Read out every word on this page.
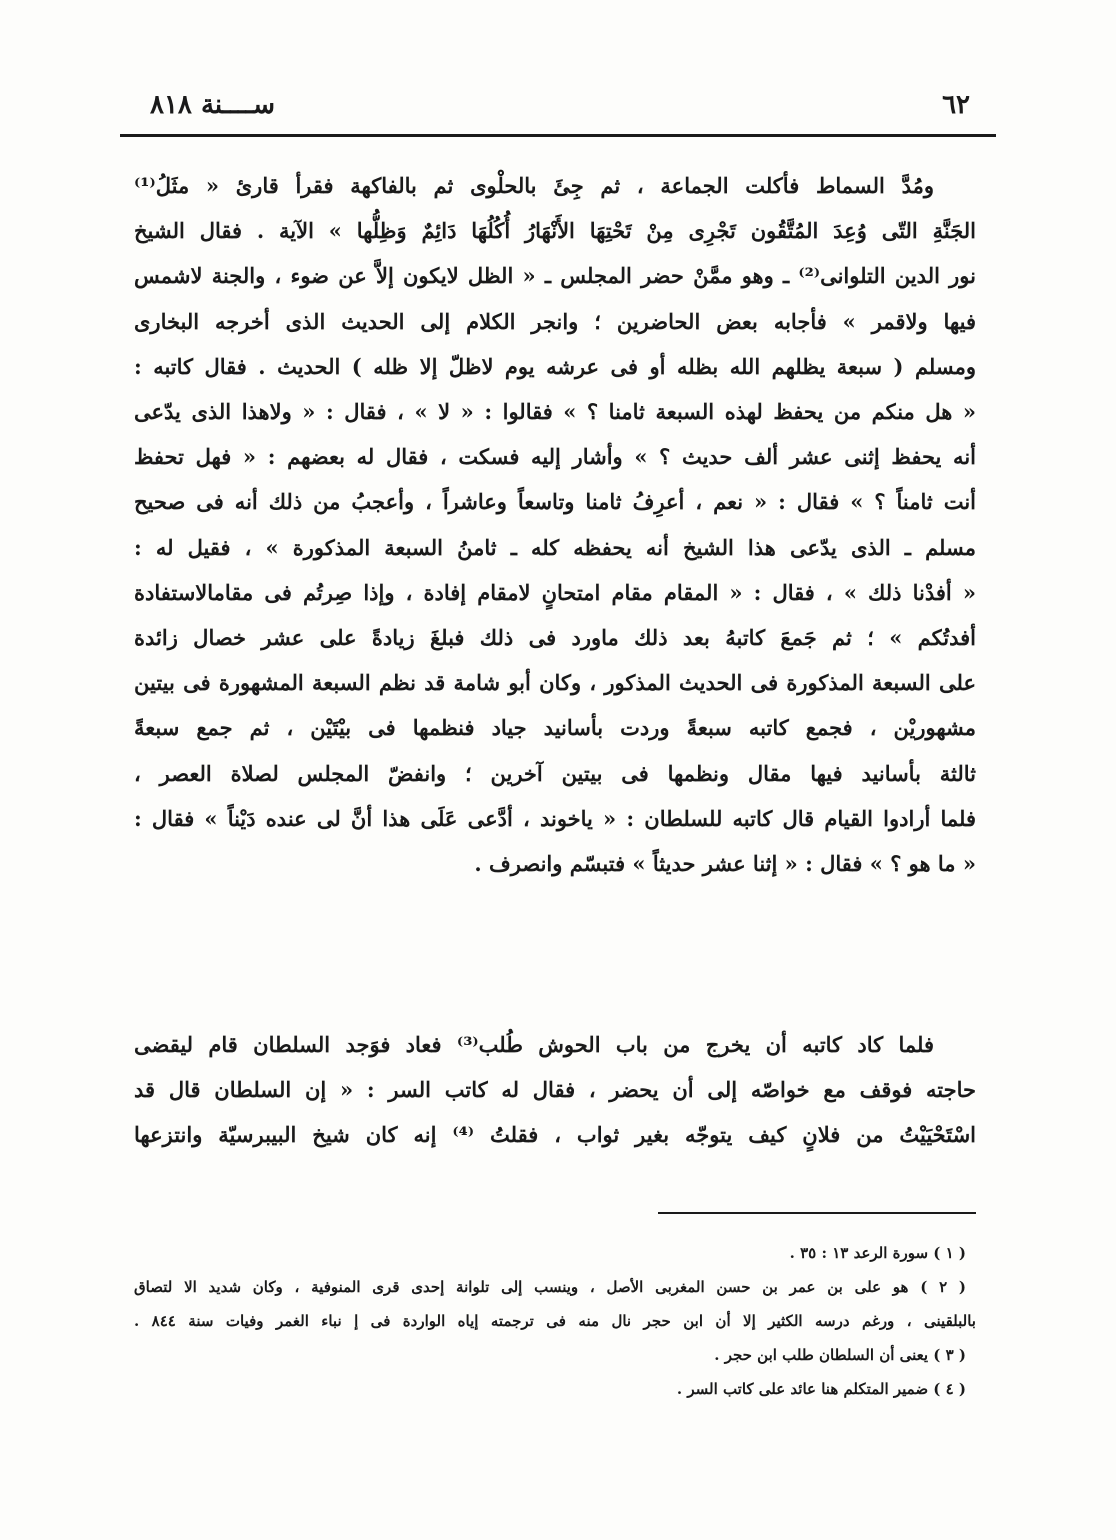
ســــنة ٨١٨	٦٢
ومُدَّ السماط فأكلت الجماعة ، ثم جِئَ بالحلْوى ثم بالفاكهة فقرأ قارئ « مثَلُ⁽¹⁾
الجَنَّةِ التّى وُعِدَ المُتَّقُون تَجْرِى مِنْ تَحْتِهَا الأَنْهَارُ أُكُلُهَا دَائِمٌ وَظِلُّها » الآية . فقال الشيخ
نور الدين التلوانى⁽²⁾ ـ وهو ممَّنْ حضر المجلس ـ « الظل لايكون إلاَّ عن ضوء ، والجنة لاشمس
فيها ولاقمر » فأجابه بعض الحاضرين ؛ وانجر الكلام إلى الحديث الذى أخرجه البخارى
ومسلم ( سبعة يظلهم الله بظله أو فى عرشه يوم لاظلّ إلا ظله ) الحديث . فقال كاتبه :
« هل منكم من يحفظ لهذه السبعة ثامنا ؟ » فقالوا : « لا » ، فقال : « ولاهذا الذى يدّعى
أنه يحفظ إثنى عشر ألف حديث ؟ » وأشار إليه فسكت ، فقال له بعضهم : « فهل تحفظ
أنت ثامناً ؟ » فقال : « نعم ، أعرِفُ ثامنا وتاسعاً وعاشراً ، وأعجبُ من ذلك أنه فى صحيح
مسلم ـ الذى يدّعى هذا الشيخ أنه يحفظه كله ـ ثامنُ السبعة المذكورة » ، فقيل له :
« أفدْنا ذلك » ، فقال : « المقام مقام امتحانٍ لامقام إفادة ، وإذا صِرتُم فى مقامالاستفادة
أفدتُكم » ؛ ثم جَمعَ كاتبهُ بعد ذلك ماورد فى ذلك فبلغَ زيادةً على عشر خصال زائدة
على السبعة المذكورة فى الحديث المذكور ، وكان أبو شامة قد نظم السبعة المشهورة فى بيتين
مشهوريْن ، فجمع كاتبه سبعةً وردت بأسانيد جياد فنظمها فى بيْتَيْن ، ثم جمع سبعةً
ثالثة بأسانيد فيها مقال ونظمها فى بيتين آخرين ؛ وانفضّ المجلس لصلاة العصر ،
فلما أرادوا القيام قال كاتبه للسلطان : « ياخوند ، أدَّعى عَلَى هذا أنَّ لى عنده دَيْناً » فقال :
« ما هو ؟ » فقال : « إثنا عشر حديثاً » فتبسّم وانصرف .
فلما كاد كاتبه أن يخرج من باب الحوش طُلب⁽³⁾ فعاد فوَجد السلطان قام ليقضى
حاجته فوقف مع خواصّه إلى أن يحضر ، فقال له كاتب السر : « إن السلطان قال قد
اسْتَحْيَيْتُ من فلانٍ كيف يتوجّه بغير ثواب ، فقلتُ ⁽⁴⁾ إنه كان شيخ البيبرسيّة وانتزعها
( ١ ) سورة الرعد ١٣ : ٣٥ .
( ٢ ) هو على بن عمر بن حسن المغربى الأصل ، وينسب إلى تلوانة إحدى قرى المنوفية ، وكان شديد الا لتصاق
بالبلقينى ، ورغم درسه الكثير إلا أن ابن حجر نال منه فى ترجمته إياه الواردة فى إ نباء الغمر وفيات سنة ٨٤٤ .
( ٣ ) يعنى أن السلطان طلب ابن حجر .
( ٤ ) ضمير المتكلم هنا عائد على كاتب السر .
